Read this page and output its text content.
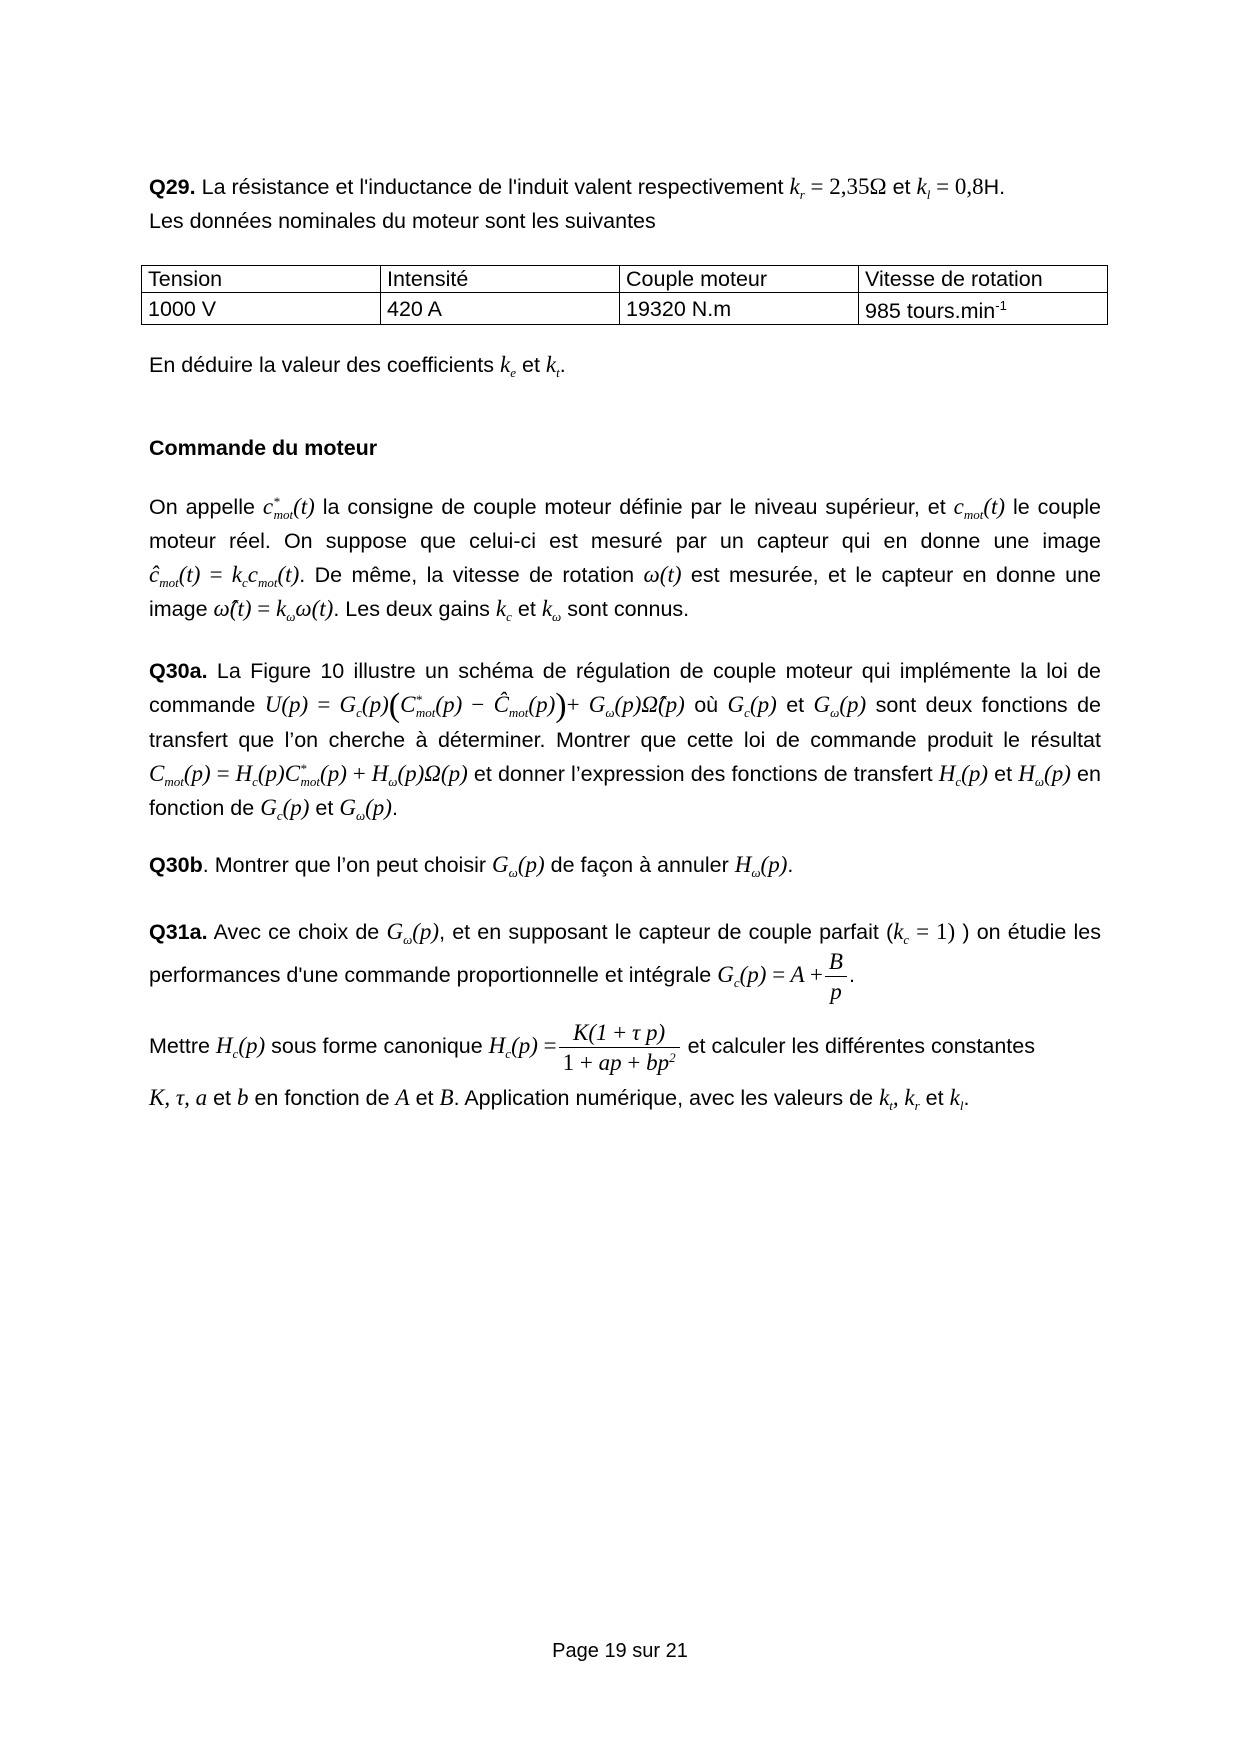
Q29. La résistance et l'inductance de l'induit valent respectivement $k_r = 2,35\Omega$ et $k_l = 0,8H$.
Les données nominales du moteur sont les suivantes
Tension	Intensité	Couple moteur	Vitesse de rotation
1000 V	420 A	19320 N.m	985 $tours.\min^{-1}$
En déduire la valeur des coefficients $k_e$ et $k_t$.
Commande du moteur
On appelle $c^*_{mot}(t)$ la consigne de couple moteur définie par le niveau supérieur, et $c_{mot}(t)$ le couple moteur réel. On suppose que celui-ci est mesuré par un capteur qui en donne une image $ĉ_{mot}(t) = k_cc_{mot}(t)$. De même, la vitesse de rotation ω(t) est mesurée, et le capteur en donne une image ω̂(t) = $k_\omega\omega(t)$. Les deux gains $k_c$ et $k_\omega$ sont connus.
Q30a. La Figure 10 illustre un schéma de régulation de couple moteur qui implémente la loi de commande $U(p) = G_c(p)(C^*_{mot}(p)$ − $Ĉ_{mot}(p))+$ $G_\omega(p)\Omegâ(p)$ où $G_c(p)$ et $G_\omega(p)$ sont deux fonctions de transfert que l’on cherche à déterminer. Montrer que cette loi de commande produit le résultat $C_{mot}(p) = H_c(p)C^*_{mot}(p) + H_\omega(p)\Omega(p)$ et donner l’expression des fonctions de transfert $H_c(p)$ et $H_\omega(p)$ en fonction de $G_c(p)$ et $G_\omega(p)$.
Q30b. Montrer que l’on peut choisir $G_\omega(p)$ de façon à annuler $H_\omega(p)$.
Q31a. Avec ce choix de $G_\omega(p)$, et en supposant le capteur de couple parfait $(k_c = 1)$ ) on étudie les performances d'une commande proportionnelle et intégrale $G_c(p) = A + \frac{B}{p}$ .
Mettre $H_c(p)$ sous forme canonique $H_c(p) = \frac{\text{K(1 + τ p)}}{1 + ap + bp^2}$ et calculer les différentes constantes
K, τ, a et b en fonction de A et B. Application numérique, avec les valeurs de $k_t$, $k_r$ et $k_l$.
Page 19 sur 21
